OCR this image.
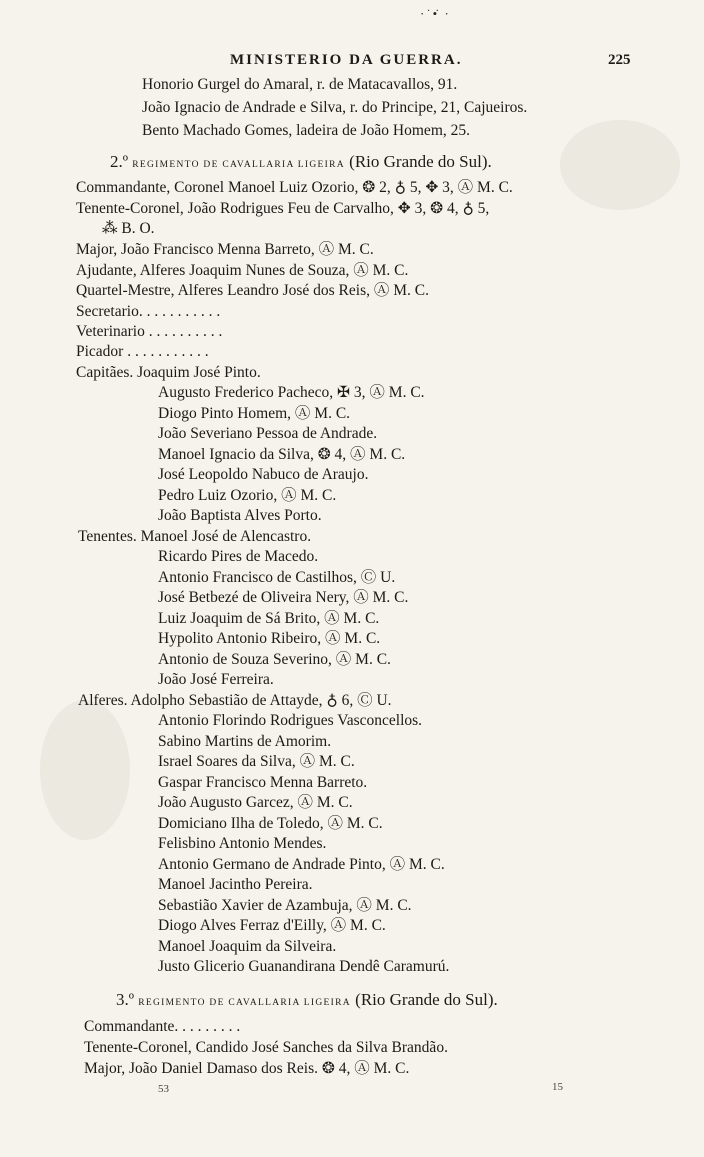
·˙•̇ ·
MINISTERIO DA GUERRA.	225
Honorio Gurgel do Amaral, r. de Matacavallos, 91.
João Ignacio de Andrade e Silva, r. do Principe, 21, Cajueiros.
Bento Machado Gomes, ladeira de João Homem, 25.
2.º REGIMENTO DE CAVALLARIA LIGEIRA (Rio Grande do Sul).
Commandante, Coronel Manoel Luiz Ozorio, ❂ 2, ♁ 5, ✥ 3, Ⓐ M. C.
Tenente-Coronel, João Rodrigues Feu de Carvalho, ✥ 3, ❂ 4, ♁ 5,
⁂ B. O.
Major, João Francisco Menna Barreto, Ⓐ M. C.
Ajudante, Alferes Joaquim Nunes de Souza, Ⓐ M. C.
Quartel-Mestre, Alferes Leandro José dos Reis, Ⓐ M. C.
Secretario. . . . . . . . . . .
Veterinario . . . . . . . . . .
Picador . . . . . . . . . . .
Capitães. Joaquim José Pinto.
Augusto Frederico Pacheco, ✠ 3, Ⓐ M. C.
Diogo Pinto Homem, Ⓐ M. C.
João Severiano Pessoa de Andrade.
Manoel Ignacio da Silva, ❂ 4, Ⓐ M. C.
José Leopoldo Nabuco de Araujo.
Pedro Luiz Ozorio, Ⓐ M. C.
João Baptista Alves Porto.
Tenentes. Manoel José de Alencastro.
Ricardo Pires de Macedo.
Antonio Francisco de Castilhos, Ⓒ U.
José Betbezé de Oliveira Nery, Ⓐ M. C.
Luiz Joaquim de Sá Brito, Ⓐ M. C.
Hypolito Antonio Ribeiro, Ⓐ M. C.
Antonio de Souza Severino, Ⓐ M. C.
João José Ferreira.
Alferes. Adolpho Sebastião de Attayde, ♁ 6, Ⓒ U.
Antonio Florindo Rodrigues Vasconcellos.
Sabino Martins de Amorim.
Israel Soares da Silva, Ⓐ M. C.
Gaspar Francisco Menna Barreto.
João Augusto Garcez, Ⓐ M. C.
Domiciano Ilha de Toledo, Ⓐ M. C.
Felisbino Antonio Mendes.
Antonio Germano de Andrade Pinto, Ⓐ M. C.
Manoel Jacintho Pereira.
Sebastião Xavier de Azambuja, Ⓐ M. C.
Diogo Alves Ferraz d'Eilly, Ⓐ M. C.
Manoel Joaquim da Silveira.
Justo Glicerio Guanandirana Dendê Caramurú.
3.º REGIMENTO DE CAVALLARIA LIGEIRA (Rio Grande do Sul).
Commandante. . . . . . . . .
Tenente-Coronel, Candido José Sanches da Silva Brandão.
Major, João Daniel Damaso dos Reis. ❂ 4, Ⓐ M. C.
53	15
